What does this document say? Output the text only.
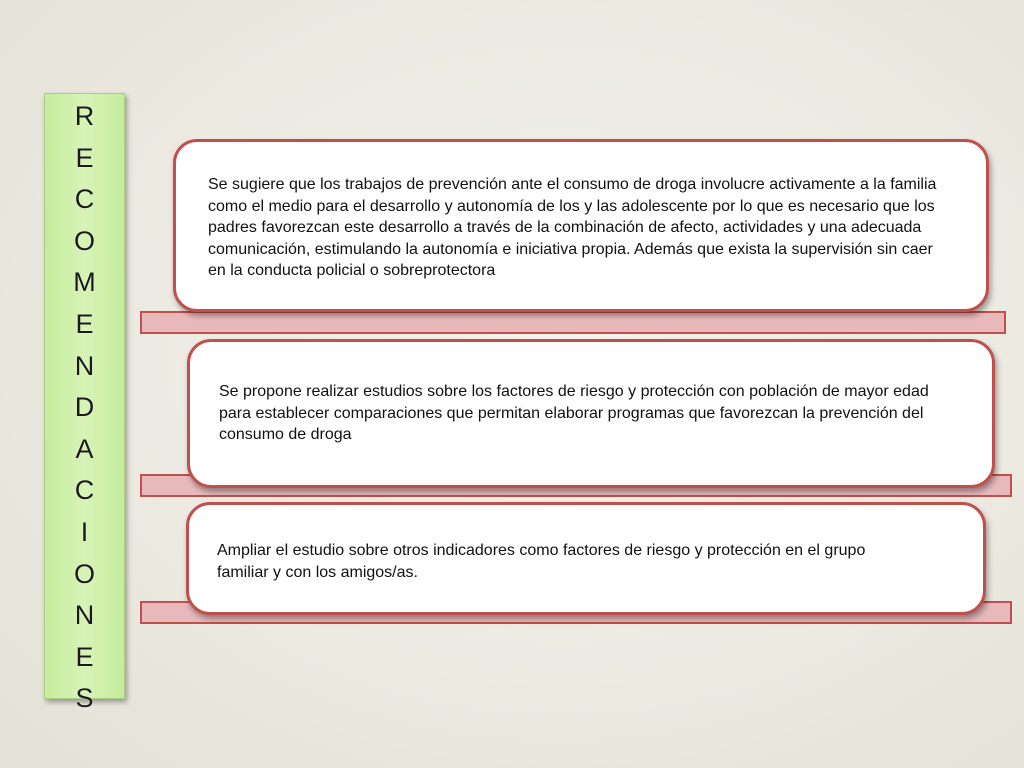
R
E
C
O
M
E
N
D
A
C
I
O
N
E
S

Se sugiere que los trabajos de prevención ante el consumo de droga involucre activamente a la familia como el medio para el desarrollo y autonomía de los y las adolescente por lo que es necesario que los padres favorezcan este desarrollo a través de la combinación de afecto, actividades y una adecuada comunicación, estimulando la autonomía e iniciativa propia. Además que exista la supervisión sin caer en la conducta policial o sobreprotectora

Se propone realizar estudios sobre los factores de riesgo y protección con población de mayor edad para establecer comparaciones que permitan elaborar programas que favorezcan la prevención del consumo de droga

Ampliar el estudio sobre otros indicadores como factores de riesgo y protección en el grupo familiar y con los amigos/as.
